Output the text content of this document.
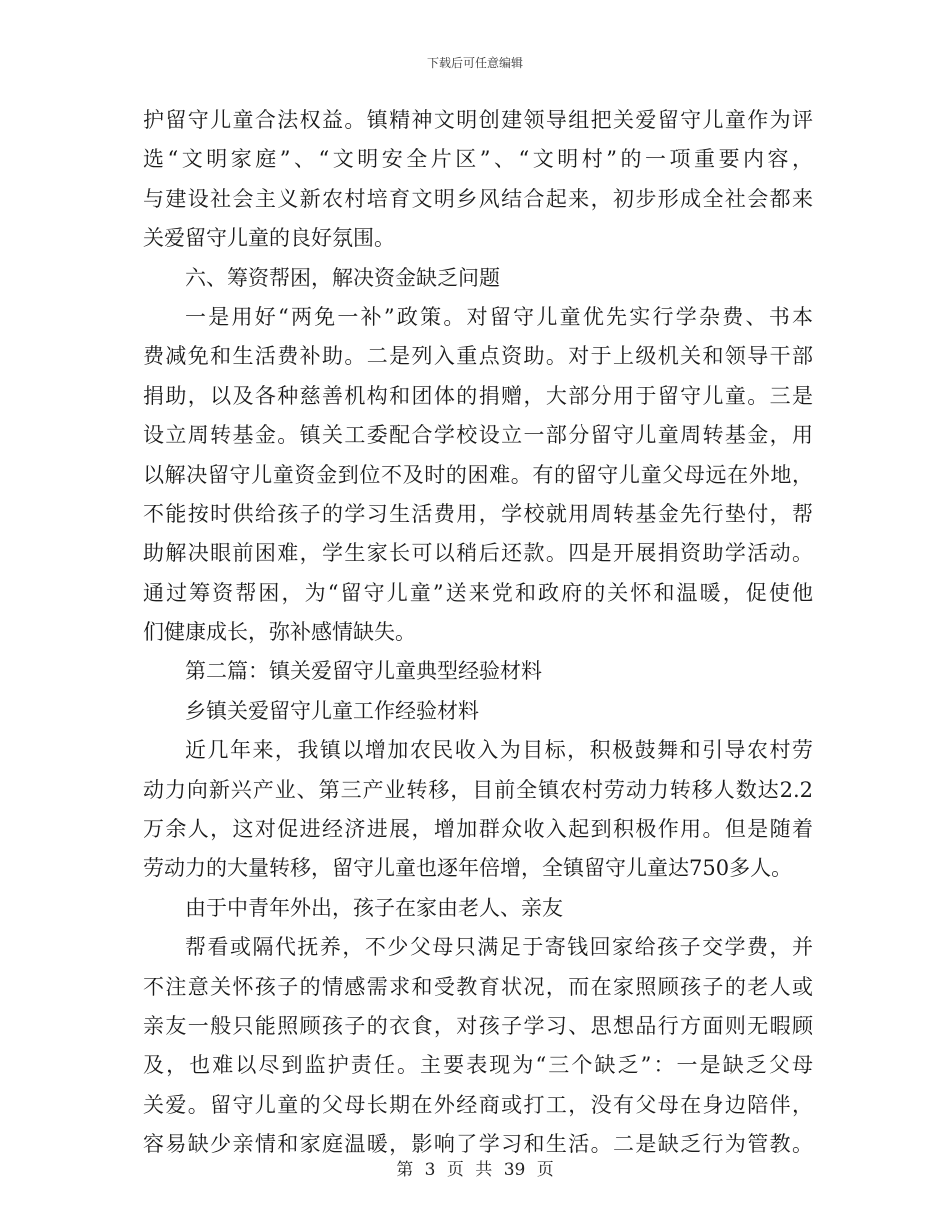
下载后可任意编辑
护留守儿童合法权益。镇精神文明创建领导组把关爱留守儿童作为评
选“文明家庭”、“文明安全片区”、“文明村”的一项重要内容，
与建设社会主义新农村培育文明乡风结合起来，初步形成全社会都来
关爱留守儿童的良好氛围。
六、筹资帮困，解决资金缺乏问题
一是用好“两免一补”政策。对留守儿童优先实行学杂费、书本
费减免和生活费补助。二是列入重点资助。对于上级机关和领导干部
捐助，以及各种慈善机构和团体的捐赠，大部分用于留守儿童。三是
设立周转基金。镇关工委配合学校设立一部分留守儿童周转基金，用
以解决留守儿童资金到位不及时的困难。有的留守儿童父母远在外地，
不能按时供给孩子的学习生活费用，学校就用周转基金先行垫付，帮
助解决眼前困难，学生家长可以稍后还款。四是开展捐资助学活动。
通过筹资帮困，为“留守儿童”送来党和政府的关怀和温暖，促使他
们健康成长，弥补感情缺失。
第二篇：镇关爱留守儿童典型经验材料
乡镇关爱留守儿童工作经验材料
近几年来，我镇以增加农民收入为目标，积极鼓舞和引导农村劳
动力向新兴产业、第三产业转移，目前全镇农村劳动力转移人数达2.2
万余人，这对促进经济进展，增加群众收入起到积极作用。但是随着
劳动力的大量转移，留守儿童也逐年倍增，全镇留守儿童达750多人。
由于中青年外出，孩子在家由老人、亲友
帮看或隔代抚养，不少父母只满足于寄钱回家给孩子交学费，并
不注意关怀孩子的情感需求和受教育状况，而在家照顾孩子的老人或
亲友一般只能照顾孩子的衣食，对孩子学习、思想品行方面则无暇顾
及，也难以尽到监护责任。主要表现为“三个缺乏”：一是缺乏父母
关爱。留守儿童的父母长期在外经商或打工，没有父母在身边陪伴，
容易缺少亲情和家庭温暖，影响了学习和生活。二是缺乏行为管教。
第 3 页 共 39 页
